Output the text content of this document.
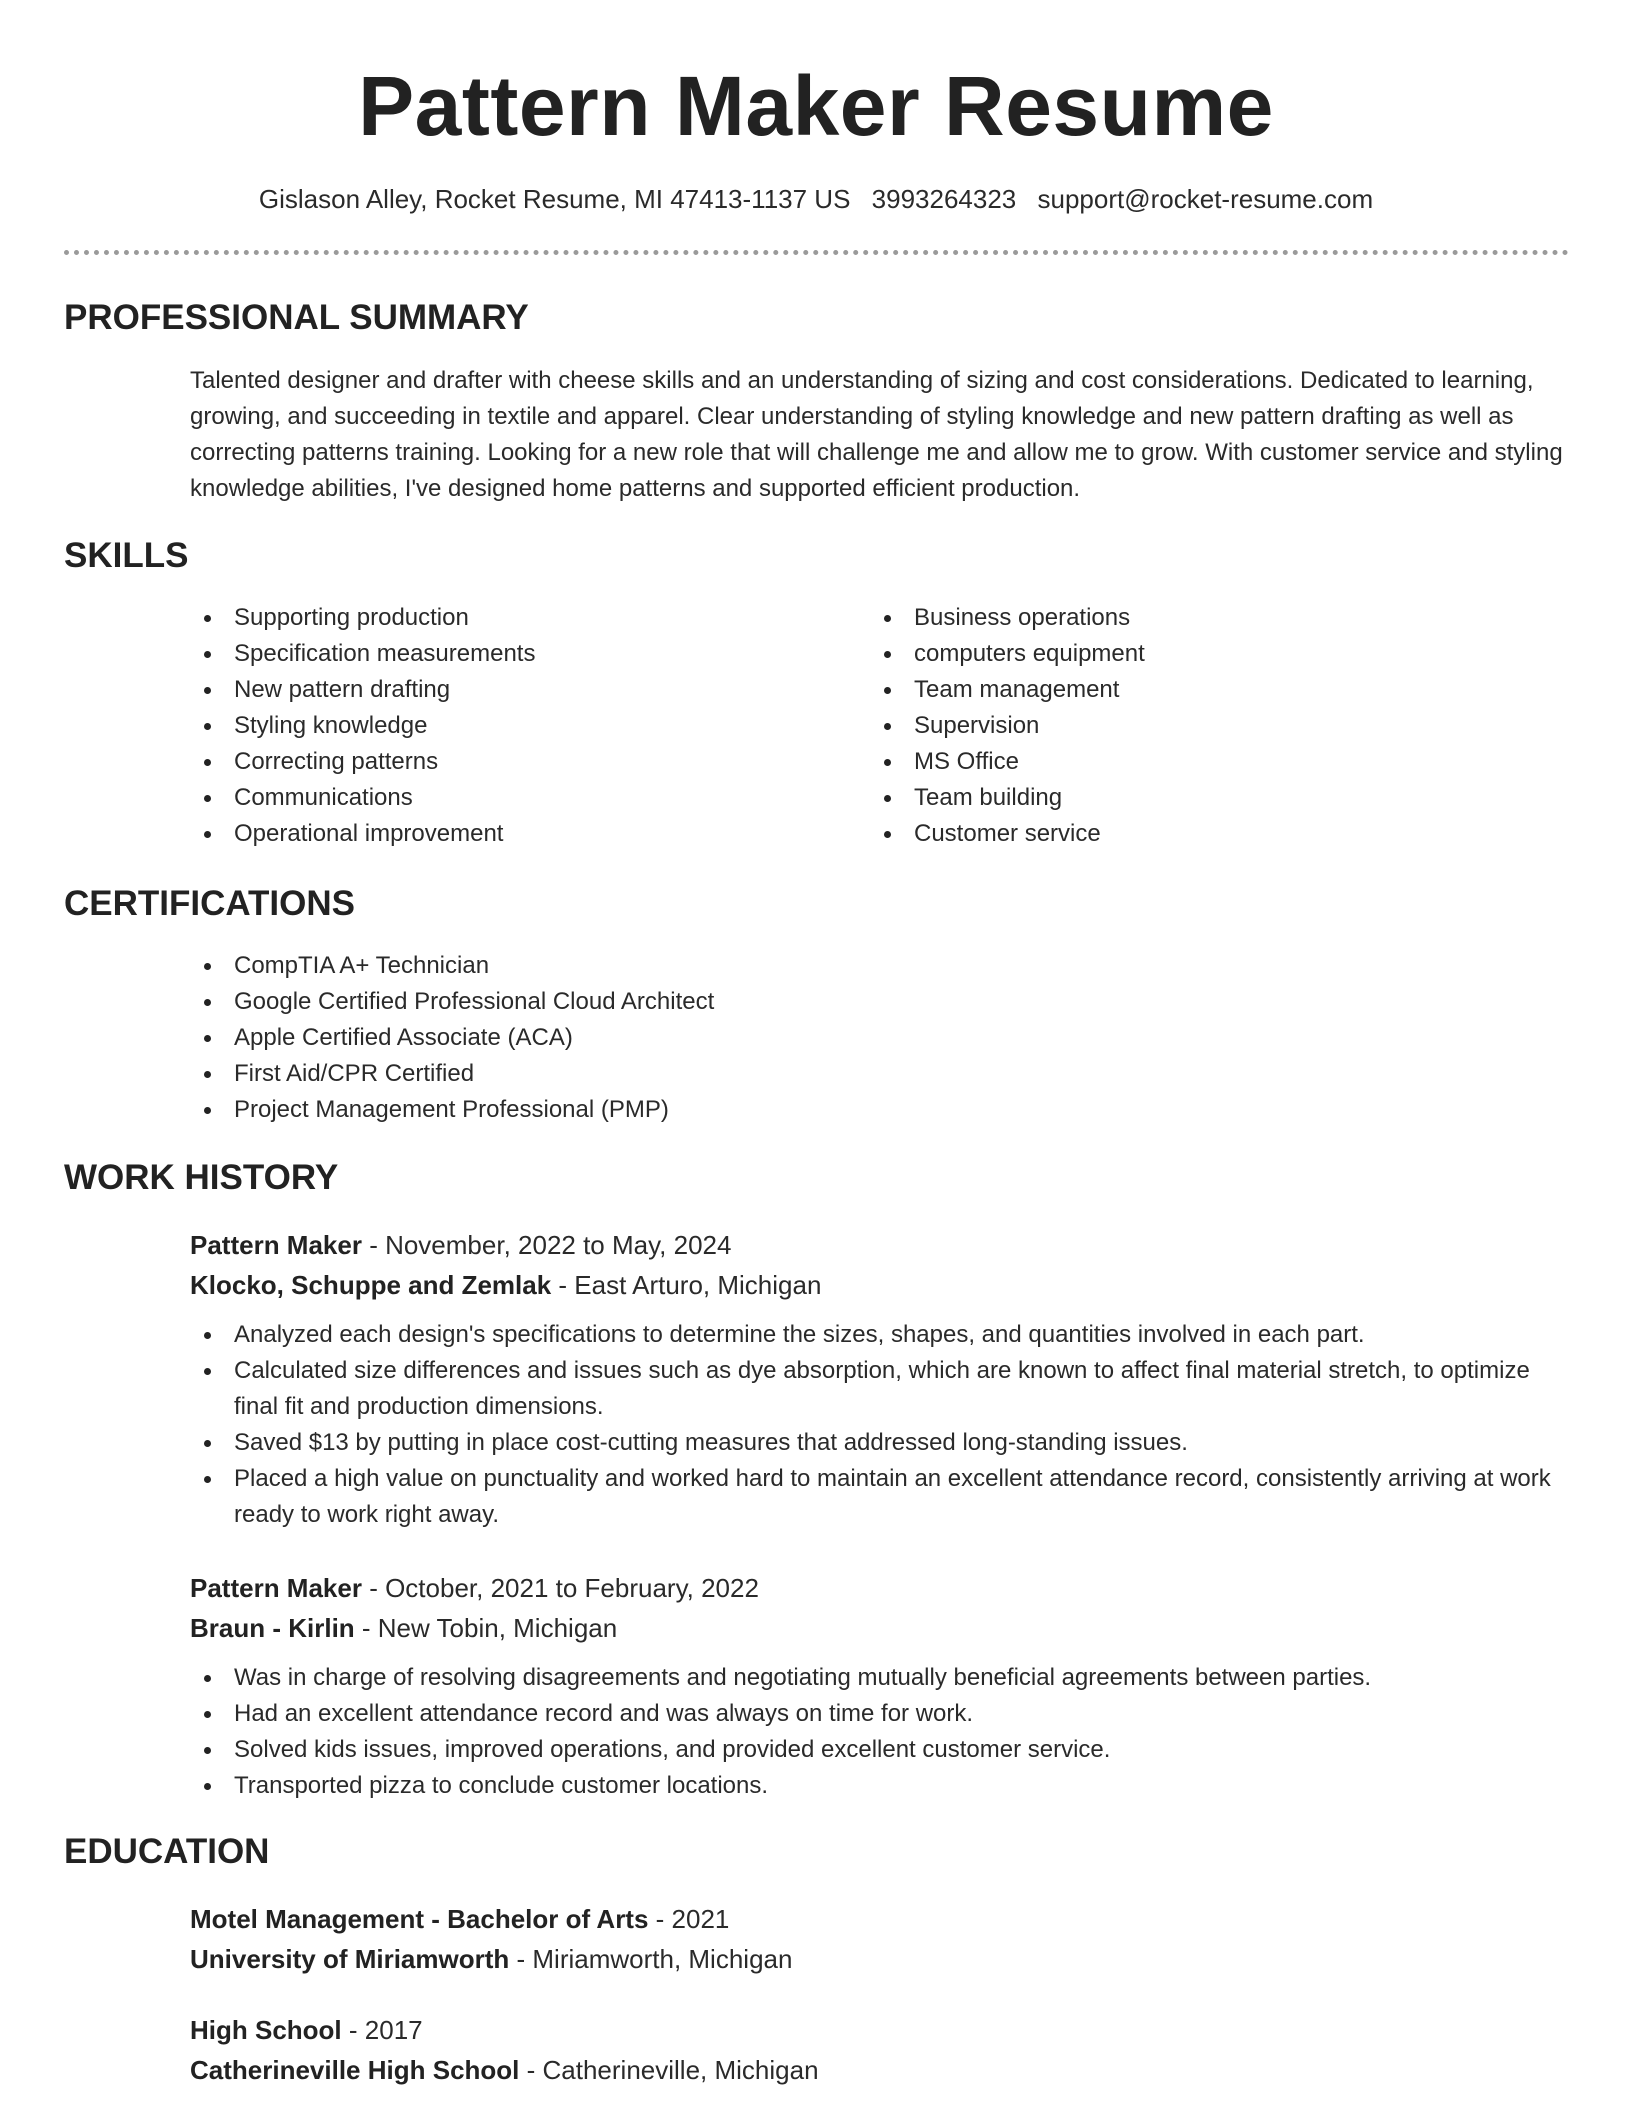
Pattern Maker Resume
Gislason Alley, Rocket Resume, MI 47413-1137 US 3993264323 support@rocket-resume.com
PROFESSIONAL SUMMARY
Talented designer and drafter with cheese skills and an understanding of sizing and cost considerations. Dedicated to learning, growing, and succeeding in textile and apparel. Clear understanding of styling knowledge and new pattern drafting as well as correcting patterns training. Looking for a new role that will challenge me and allow me to grow. With customer service and styling knowledge abilities, I've designed home patterns and supported efficient production.
SKILLS
Supporting production
Specification measurements
New pattern drafting
Styling knowledge
Correcting patterns
Communications
Operational improvement
Business operations
computers equipment
Team management
Supervision
MS Office
Team building
Customer service
CERTIFICATIONS
CompTIA A+ Technician
Google Certified Professional Cloud Architect
Apple Certified Associate (ACA)
First Aid/CPR Certified
Project Management Professional (PMP)
WORK HISTORY
Pattern Maker - November, 2022 to May, 2024
Klocko, Schuppe and Zemlak - East Arturo, Michigan
Analyzed each design's specifications to determine the sizes, shapes, and quantities involved in each part.
Calculated size differences and issues such as dye absorption, which are known to affect final material stretch, to optimize final fit and production dimensions.
Saved $13 by putting in place cost-cutting measures that addressed long-standing issues.
Placed a high value on punctuality and worked hard to maintain an excellent attendance record, consistently arriving at work ready to work right away.
Pattern Maker - October, 2021 to February, 2022
Braun - Kirlin - New Tobin, Michigan
Was in charge of resolving disagreements and negotiating mutually beneficial agreements between parties.
Had an excellent attendance record and was always on time for work.
Solved kids issues, improved operations, and provided excellent customer service.
Transported pizza to conclude customer locations.
EDUCATION
Motel Management - Bachelor of Arts - 2021
University of Miriamworth - Miriamworth, Michigan
High School - 2017
Catherineville High School - Catherineville, Michigan
